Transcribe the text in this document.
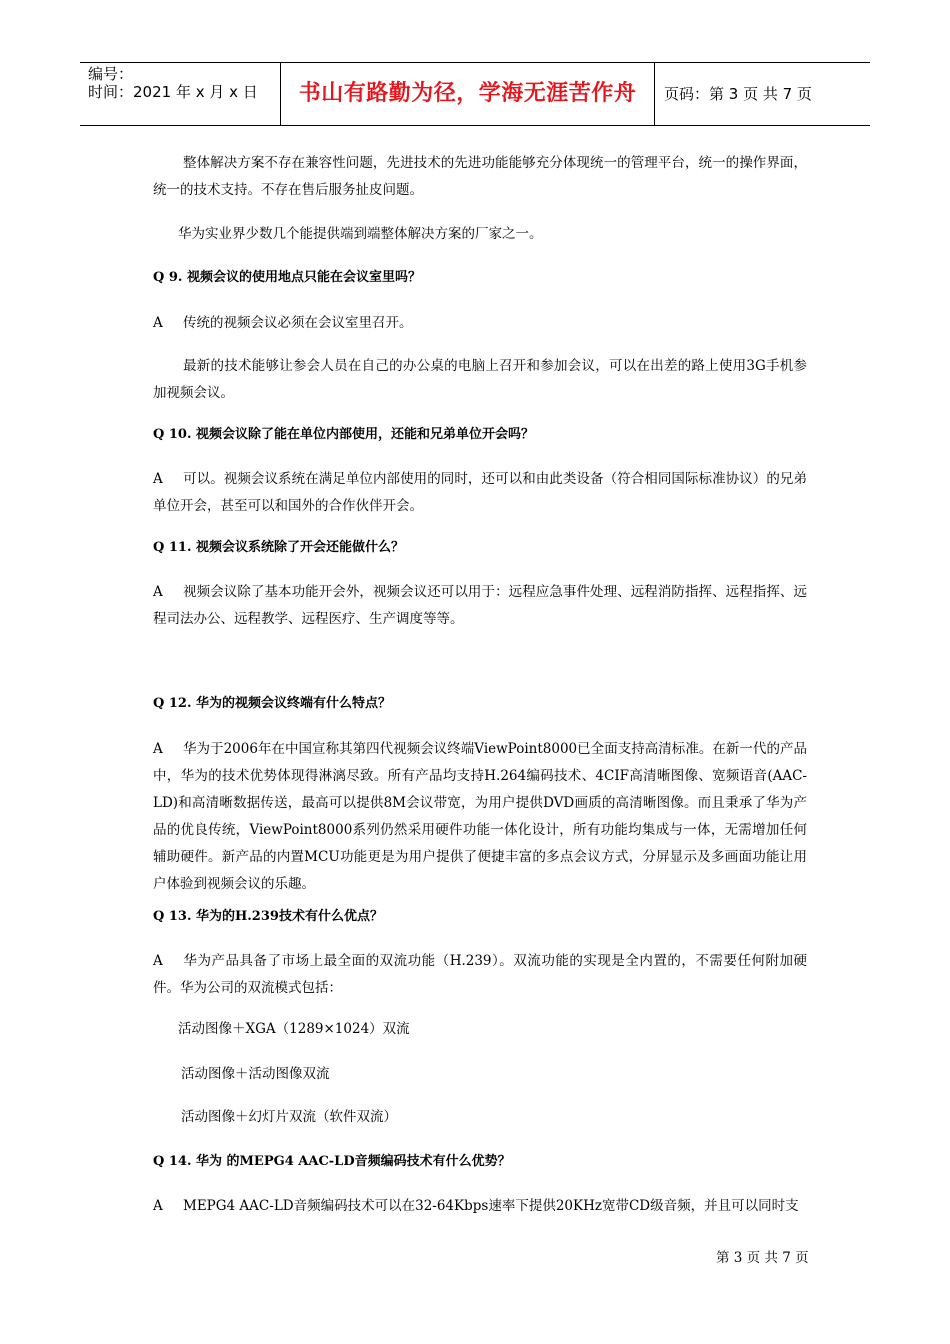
编号：
时间：2021 年 x 月 x 日	书山有路勤为径，学海无涯苦作舟	页码：第 3 页 共 7 页
整体解决方案不存在兼容性问题，先进技术的先进功能能够充分体现统一的管理平台，统一的操作界面，统一的技术支持。不存在售后服务扯皮问题。
华为实业界少数几个能提供端到端整体解决方案的厂家之一。
Q 9. 视频会议的使用地点只能在会议室里吗？
A 传统的视频会议必须在会议室里召开。
最新的技术能够让参会人员在自己的办公桌的电脑上召开和参加会议，可以在出差的路上使用3G手机参加视频会议。
Q 10. 视频会议除了能在单位内部使用，还能和兄弟单位开会吗？
A 可以。视频会议系统在满足单位内部使用的同时，还可以和由此类设备（符合相同国际标准协议）的兄弟单位开会，甚至可以和国外的合作伙伴开会。
Q 11. 视频会议系统除了开会还能做什么？
A 视频会议除了基本功能开会外，视频会议还可以用于：远程应急事件处理、远程消防指挥、远程指挥、远程司法办公、远程教学、远程医疗、生产调度等等。
Q 12. 华为的视频会议终端有什么特点？
A 华为于2006年在中国宣称其第四代视频会议终端ViewPoint8000已全面支持高清标准。在新一代的产品中，华为的技术优势体现得淋漓尽致。所有产品均支持H.264编码技术、4CIF高清晰图像、宽频语音(AAC-LD)和高清晰数据传送，最高可以提供8M会议带宽，为用户提供DVD画质的高清晰图像。而且秉承了华为产品的优良传统，ViewPoint8000系列仍然采用硬件功能一体化设计，所有功能均集成与一体，无需增加任何辅助硬件。新产品的内置MCU功能更是为用户提供了便捷丰富的多点会议方式，分屏显示及多画面功能让用户体验到视频会议的乐趣。
Q 13. 华为的H.239技术有什么优点？
A 华为产品具备了市场上最全面的双流功能（H.239）。双流功能的实现是全内置的，不需要任何附加硬件。华为公司的双流模式包括：
活动图像＋XGA（1289×1024）双流
活动图像＋活动图像双流
活动图像＋幻灯片双流（软件双流）
Q 14. 华为 的MEPG4 AAC-LD音频编码技术有什么优势？
A MEPG4 AAC-LD音频编码技术可以在32-64Kbps速率下提供20KHz宽带CD级音频，并且可以同时支
第 3 页 共 7 页
